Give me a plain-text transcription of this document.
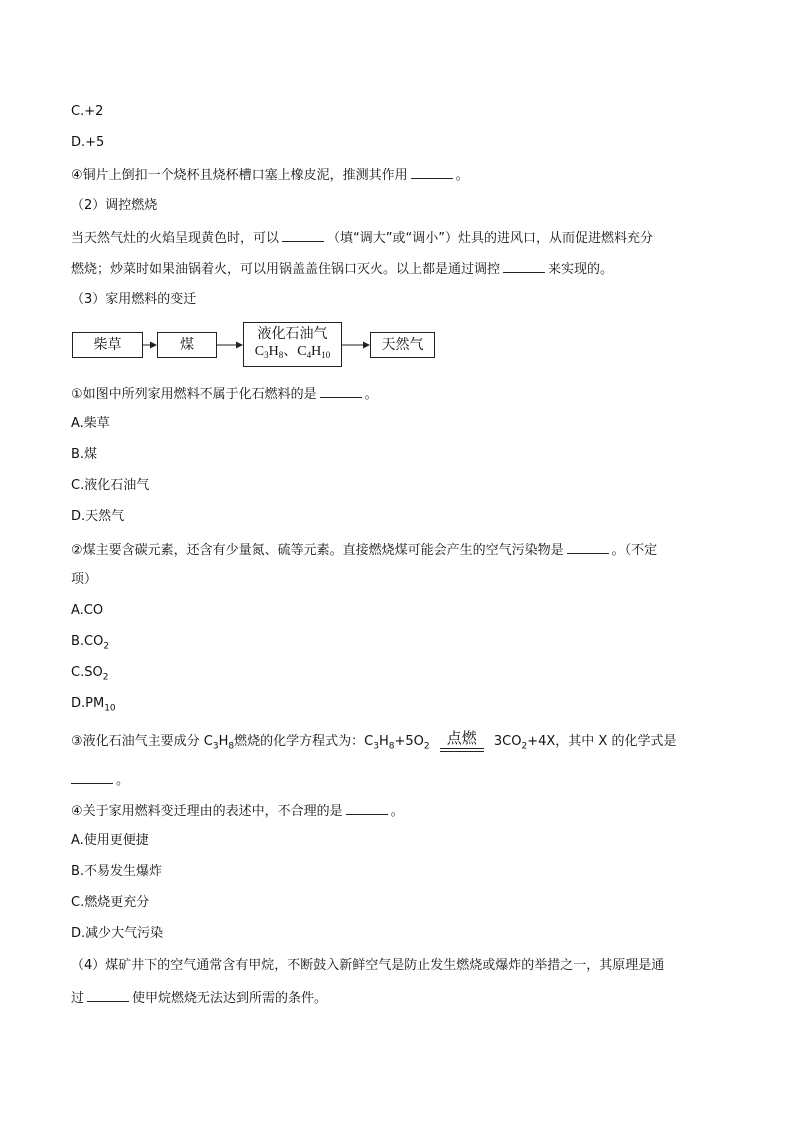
C.+2
D.+5
④铜片上倒扣一个烧杯且烧杯槽口塞上橡皮泥，推测其作用	。
（2）调控燃烧
当天然气灶的火焰呈现黄色时，可以	（填“调大”或“调小”）灶具的进风口，从而促进燃料充分
燃烧；炒菜时如果油锅着火，可以用锅盖盖住锅口灭火。以上都是通过调控	来实现的。
（3）家用燃料的变迁
柴草	煤
液化石油气
$C_3H_8$、$C_4H_{10}$
天然气
①如图中所列家用燃料不属于化石燃料的是	。
A.柴草
B.煤
C.液化石油气
D.天然气
②煤主要含碳元素，还含有少量氮、硫等元素。直接燃烧煤可能会产生的空气污染物是	。（不定
项）
A.CO
$B.CO_2$
$C.SO_2$
$D.PM_{10}$
③液化石油气主要成分 $C_3H_8$燃烧的化学方程式为：$C_3H_8+5O_2$	点燃	$3CO_2+4X$，其中 X 的化学式是
。
④关于家用燃料变迁理由的表述中，不合理的是	。
A.使用更便捷
B.不易发生爆炸
C.燃烧更充分
D.减少大气污染
（4）煤矿井下的空气通常含有甲烷，不断鼓入新鲜空气是防止发生燃烧或爆炸的举措之一，其原理是通
过	使甲烷燃烧无法达到所需的条件。
